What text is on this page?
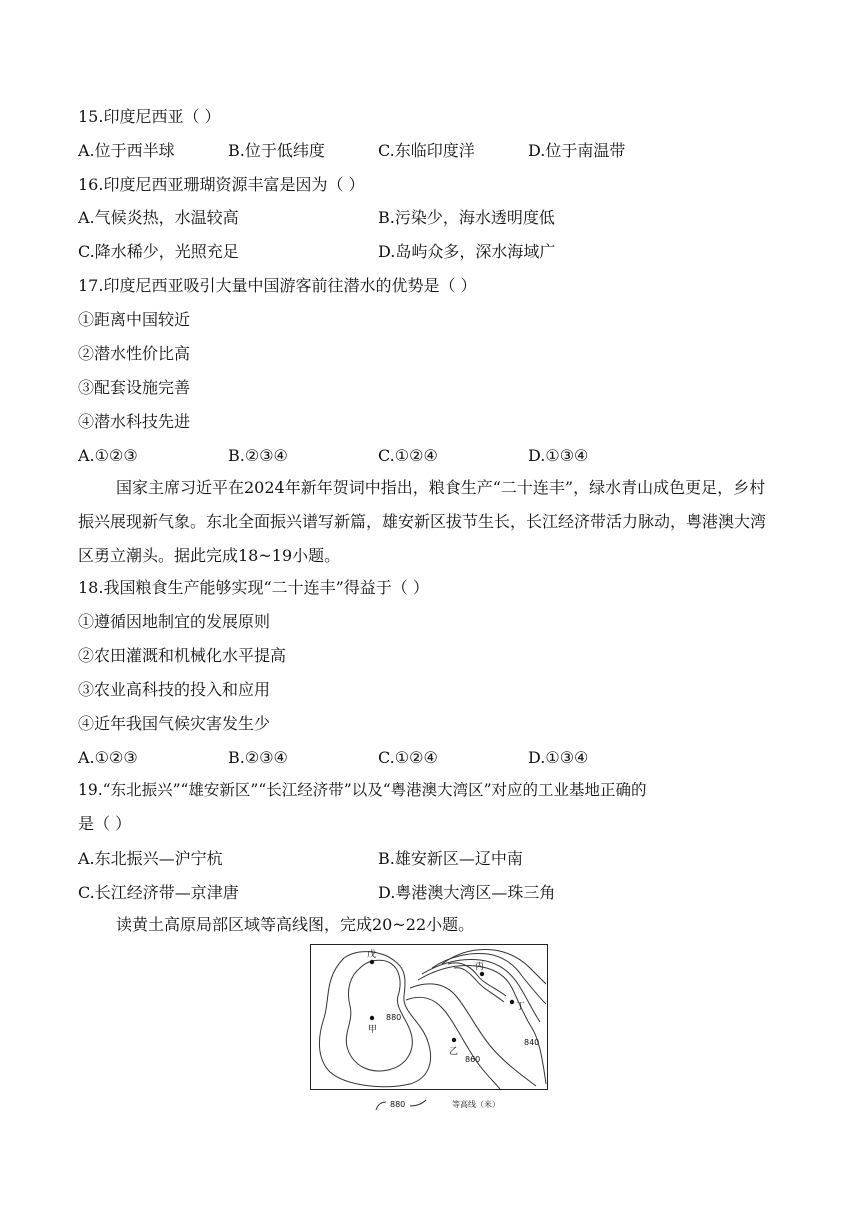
15.印度尼西亚（ ）
A.位于西半球	B.位于低纬度	C.东临印度洋	D.位于南温带
16.印度尼西亚珊瑚资源丰富是因为（ ）
A.气候炎热，水温较高	B.污染少，海水透明度低
C.降水稀少，光照充足	D.岛屿众多，深水海域广
17.印度尼西亚吸引大量中国游客前往潜水的优势是（ ）
①距离中国较近
②潜水性价比高
③配套设施完善
④潜水科技先进
A.①②③	B.②③④	C.①②④	D.①③④
国家主席习近平在2024年新年贺词中指出，粮食生产“二十连丰”，绿水青山成色更足，乡村振兴展现新气象。东北全面振兴谱写新篇，雄安新区拔节生长，长江经济带活力脉动，粤港澳大湾区勇立潮头。据此完成18~19小题。
18.我国粮食生产能够实现“二十连丰”得益于（ ）
①遵循因地制宜的发展原则
②农田灌溉和机械化水平提高
③农业高科技的投入和应用
④近年我国气候灾害发生少
A.①②③	B.②③④	C.①②④	D.①③④
19.“东北振兴”“雄安新区”“长江经济带”以及“粤港澳大湾区”对应的工业基地正确的
是（ ）
A.东北振兴—沪宁杭	B.雄安新区—辽中南
C.长江经济带—京津唐	D.粤港澳大湾区—珠三角
读黄土高原局部区域等高线图，完成20~22小题。
戊
丙
丁
甲
乙
880
860
840
880	等高线（米）
